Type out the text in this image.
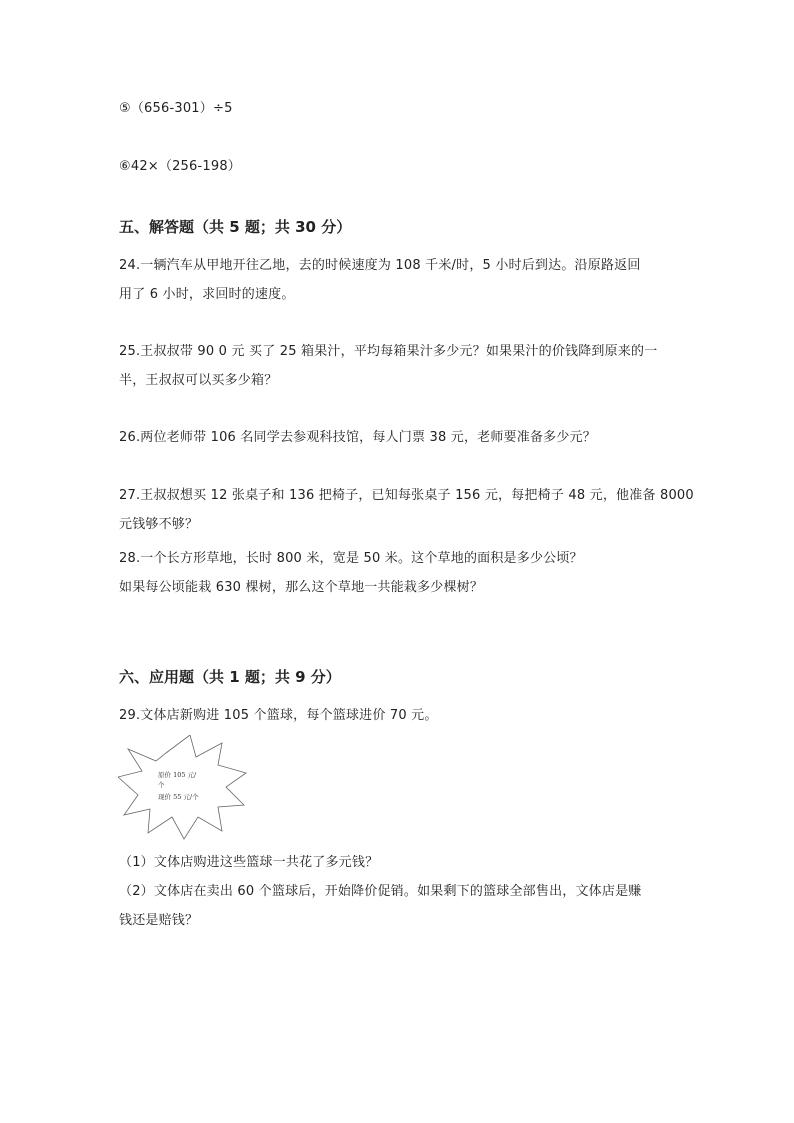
⑤（656-301）÷5
⑥42×（256-198）
五、解答题（共 5 题；共 30 分）
24.一辆汽车从甲地开往乙地，去的时候速度为 108 千米/时，5 小时后到达。沿原路返回
用了 6 小时，求回时的速度。
25.王叔叔带 90 0 元 买了 25 箱果汁，平均每箱果汁多少元？如果果汁的价钱降到原来的一
半，王叔叔可以买多少箱？
26.两位老师带 106 名同学去参观科技馆，每人门票 38 元，老师要准备多少元？
27.王叔叔想买 12 张桌子和 136 把椅子，已知每张桌子 156 元，每把椅子 48 元，他准备 8000
元钱够不够？
28.一个长方形草地，长时 800 米，宽是 50 米。这个草地的面积是多少公顷？
如果每公顷能栽 630 棵树，那么这个草地一共能栽多少棵树？
六、应用题（共 1 题；共 9 分）
29.文体店新购进 105 个篮球，每个篮球进价 70 元。
原价 105 元/
个
现价 55 元/个
（1）文体店购进这些篮球一共花了多元钱？
（2）文体店在卖出 60 个篮球后，开始降价促销。如果剩下的篮球全部售出，文体店是赚
钱还是赔钱？
